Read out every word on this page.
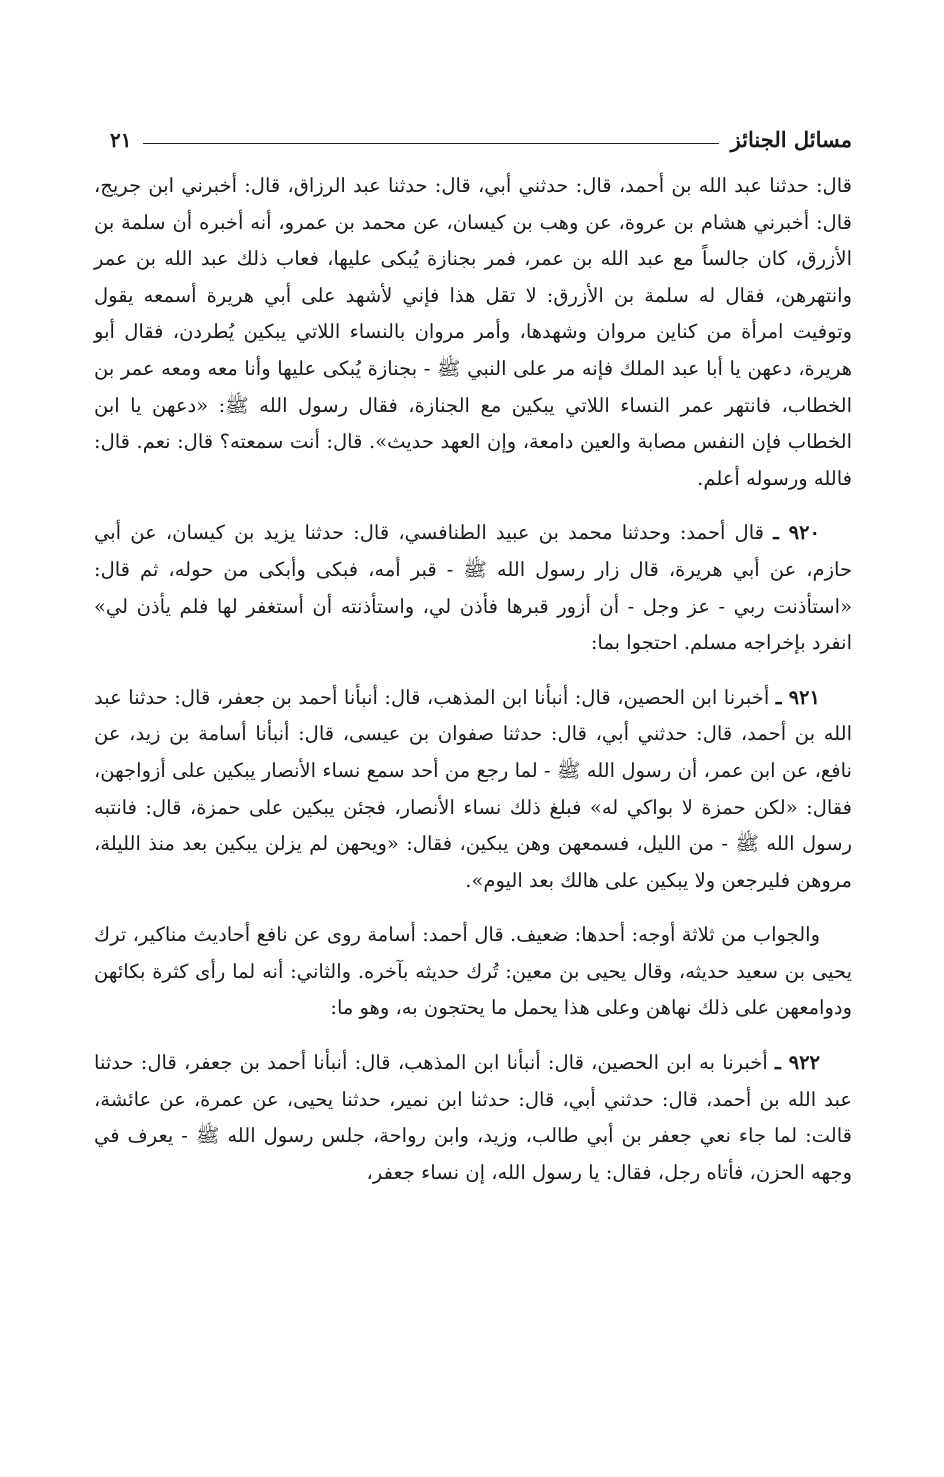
مسائل الجنائز
٢١

قال: حدثنا عبد الله بن أحمد، قال: حدثني أبي، قال: حدثنا عبد الرزاق، قال: أخبرني ابن جريج، قال: أخبرني هشام بن عروة، عن وهب بن كيسان، عن محمد بن عمرو، أنه أخبره أن سلمة بن الأزرق، كان جالساً مع عبد الله بن عمر، فمر بجنازة يُبكى عليها، فعاب ذلك عبد الله بن عمر وانتهرهن، فقال له سلمة بن الأزرق: لا تقل هذا فإني لأشهد على أبي هريرة أسمعه يقول وتوفيت امرأة من كناين مروان وشهدها، وأمر مروان بالنساء اللاتي يبكين يُطردن، فقال أبو هريرة، دعهن يا أبا عبد الملك فإنه مر على النبي ﷺ - بجنازة يُبكى عليها وأنا معه ومعه عمر بن الخطاب، فانتهر عمر النساء اللاتي يبكين مع الجنازة، فقال رسول الله ﷺ: «دعهن يا ابن الخطاب فإن النفس مصابة والعين دامعة، وإن العهد حديث». قال: أنت سمعته؟ قال: نعم. قال: فالله ورسوله أعلم.

٩٢٠ ـ قال أحمد: وحدثنا محمد بن عبيد الطنافسي، قال: حدثنا يزيد بن كيسان، عن أبي حازم، عن أبي هريرة، قال زار رسول الله ﷺ - قبر أمه، فبكى وأبكى من حوله، ثم قال: «استأذنت ربي - عز وجل - أن أزور قبرها فأذن لي، واستأذنته أن أستغفر لها فلم يأذن لي» انفرد بإخراجه مسلم. احتجوا بما:

٩٢١ ـ أخبرنا ابن الحصين، قال: أنبأنا ابن المذهب، قال: أنبأنا أحمد بن جعفر، قال: حدثنا عبد الله بن أحمد، قال: حدثني أبي، قال: حدثنا صفوان بن عيسى، قال: أنبأنا أسامة بن زيد، عن نافع، عن ابن عمر، أن رسول الله ﷺ - لما رجع من أحد سمع نساء الأنصار يبكين على أزواجهن، فقال: «لكن حمزة لا بواكي له» فبلغ ذلك نساء الأنصار، فجئن يبكين على حمزة، قال: فانتبه رسول الله ﷺ - من الليل، فسمعهن وهن يبكين، فقال: «ويحهن لم يزلن يبكين بعد منذ الليلة، مروهن فليرجعن ولا يبكين على هالك بعد اليوم».

والجواب من ثلاثة أوجه: أحدها: ضعيف. قال أحمد: أسامة روى عن نافع أحاديث مناكير، ترك يحيى بن سعيد حديثه، وقال يحيى بن معين: تُرك حديثه بآخره. والثاني: أنه لما رأى كثرة بكائهن ودوامعهن على ذلك نهاهن وعلى هذا يحمل ما يحتجون به، وهو ما:

٩٢٢ ـ أخبرنا به ابن الحصين، قال: أنبأنا ابن المذهب، قال: أنبأنا أحمد بن جعفر، قال: حدثنا عبد الله بن أحمد، قال: حدثني أبي، قال: حدثنا ابن نمير، حدثنا يحيى، عن عمرة، عن عائشة، قالت: لما جاء نعي جعفر بن أبي طالب، وزيد، وابن رواحة، جلس رسول الله ﷺ - يعرف في وجهه الحزن، فأتاه رجل، فقال: يا رسول الله، إن نساء جعفر،
